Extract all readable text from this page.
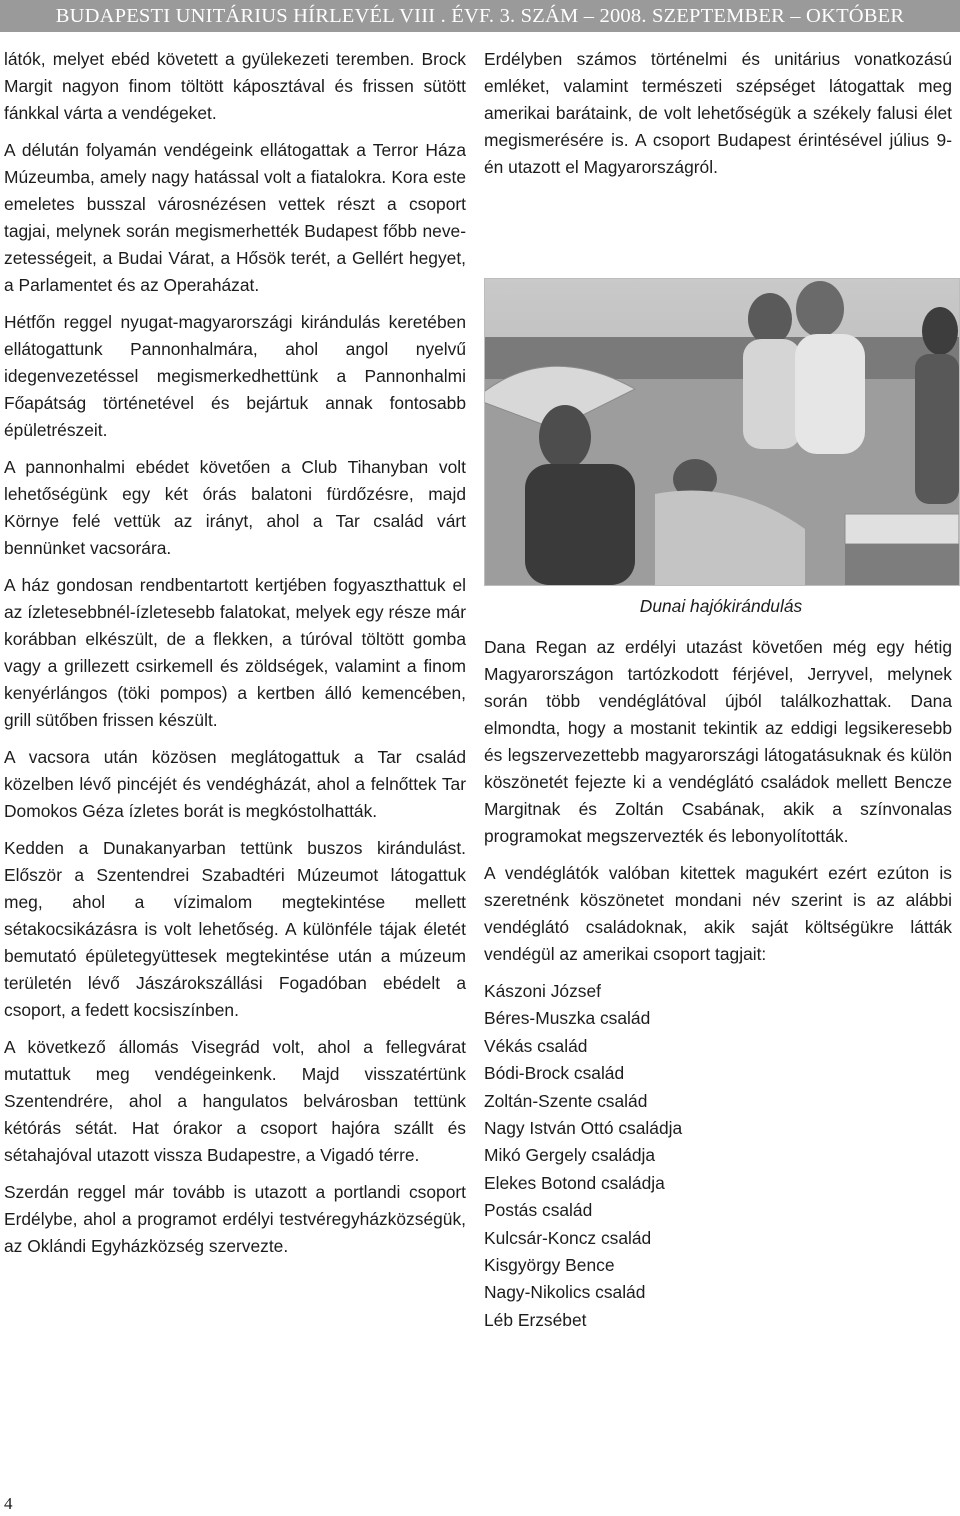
BUDAPESTI UNITÁRIUS HÍRLEVÉL VIII . ÉVF. 3. SZÁM – 2008. SZEPTEMBER – OKTÓBER

látók, melyet ebéd követett a gyülekezeti teremben. Brock Margit nagyon finom töltött káposztával és frissen sütött fánkkal várta a vendégeket.

A délután folyamán vendégeink ellátogattak a Terror Háza Múzeumba, amely nagy hatással volt a fiatalokra. Kora este emeletes busszal városnézésen vettek részt a csoport tagjai, melynek során megismerhették Budapest főbb nevezetességeit, a Budai Várat, a Hősök terét, a Gellért hegyet, a Parlamentet és az Operaházat.

Hétfőn reggel nyugat-magyarországi kirándulás keretében ellátogattunk Pannonhalmára, ahol angol nyelvű idegenvezetéssel megismerkedhettünk a Pannonhalmi Főapátság történetével és bejártuk annak fontosabb épületrészeit.

A pannonhalmi ebédet követően a Club Tihanyban volt lehetőségünk egy két órás balatoni fürdőzésre, majd Környe felé vettük az irányt, ahol a Tar család várt bennünket vacsorára.

A ház gondosan rendbentartott kertjében fogyaszthattuk el az ízletesebbnél-ízletesebb falatokat, melyek egy része már korábban elkészült, de a flekken, a túróval töltött gomba vagy a grillezett csirkemell és zöldségek, valamint a finom kenyérlángos (töki pompos) a kertben álló kemencében, grill sütőben frissen készült.

A vacsora után közösen meglátogattuk a Tar család közelben lévő pincéjét és vendégházát, ahol a felnőttek Tar Domokos Géza ízletes borát is megkóstolhatták.

Kedden a Dunakanyarban tettünk buszos kirándulást. Először a Szentendrei Szabadtéri Múzeumot látogattuk meg, ahol a vízimalom megtekintése mellett sétakocsikázásra is volt lehetőség. A különféle tájak életét bemutató épületegyüttesek megtekintése után a múzeum területén lévő Jászárokszállási Fogadóban ebédelt a csoport, a fedett kocsiszínben.

A következő állomás Visegrád volt, ahol a fellegvárat mutattuk meg vendégeinkenk. Majd visszatértünk Szentendrére, ahol a hangulatos belvárosban tettünk kétórás sétát. Hat órakor a csoport hajóra szállt és sétahajóval utazott vissza Budapestre, a Vigadó térre.

Szerdán reggel már tovább is utazott a portlandi csoport Erdélybe, ahol a programot erdélyi testvéregyházközségük, az Oklándi Egyházközség szervezte.

Erdélyben számos történelmi és unitárius vonatkozású emléket, valamint természeti szépséget látogattak meg amerikai barátaink, de volt lehetőségük a székely falusi élet megismerésére is. A csoport Budapest érintésével július 9-én utazott el Magyarországról.

Dunai hajókirándulás

Dana Regan az erdélyi utazást követően még egy hétig Magyarországon tartózkodott férjével, Jerryvel, melynek során több vendéglátóval újból találkozhattak. Dana elmondta, hogy a mostanit tekintik az eddigi legsikeresebb és legszervezettebb magyarországi látogatásuknak és külön köszönetét fejezte ki a vendéglátó családok mellett Bencze Margitnak és Zoltán Csabának, akik a színvonalas programokat megszervezték és lebonyolították.

A vendéglátók valóban kitettek magukért ezért ezúton is szeretnénk köszönetet mondani név szerint is az alábbi vendéglátó családoknak, akik saját költségükre látták vendégül az amerikai csoport tagjait:

Kászoni József
Béres-Muszka család
Vékás család
Bódi-Brock család
Zoltán-Szente család
Nagy István Ottó családja
Mikó Gergely családja
Elekes Botond családja
Postás család
Kulcsár-Koncz család
Kisgyörgy Bence
Nagy-Nikolics család
Léb Erzsébet
4
